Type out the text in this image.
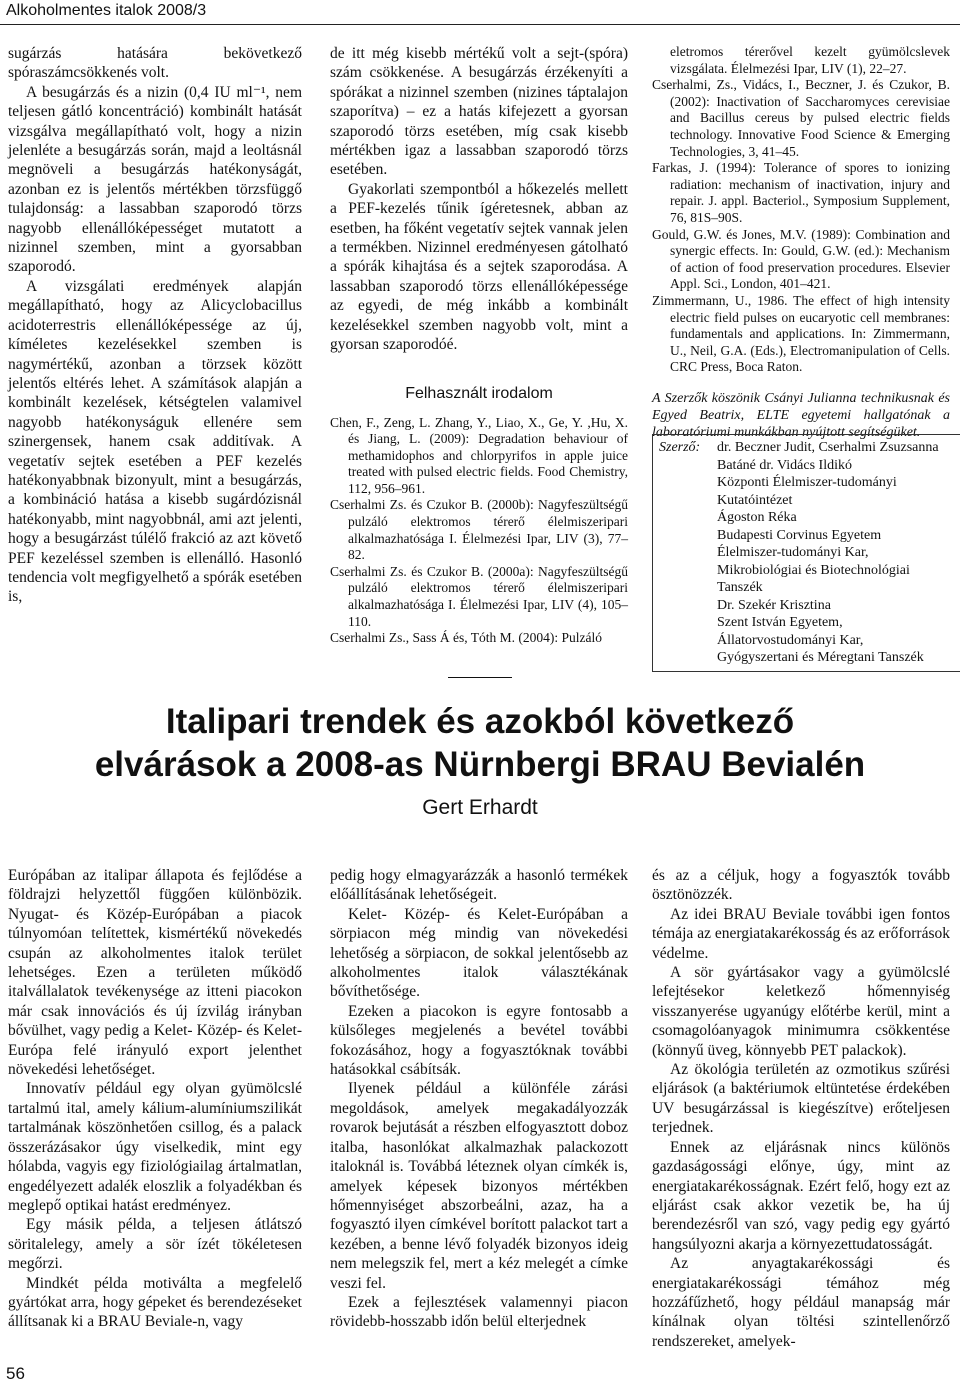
Alkoholmentes italok 2008/3

sugárzás hatására bekövetkező spóraszámcsökkenés volt.

A besugárzás és a nizin (0,4 IU ml⁻¹, nem teljesen gátló koncentráció) kombinált hatását vizsgálva megállapítható volt, hogy a nizin jelenléte a besugárzás során, majd a leoltásnál megnöveli a besugárzás hatékonyságát, azonban ez is jelentős mértékben törzsfüggő tulajdonság: a lassabban szaporodó törzs nagyobb ellenállóképességet mutatott a nizinnel szemben, mint a gyorsabban szaporodó.

A vizsgálati eredmények alapján megállapítható, hogy az Alicyclobacillus acidoterrestris ellenállóképessége az új, kíméletes kezelésekkel szemben is nagymértékű, azonban a törzsek között jelentős eltérés lehet. A számítások alapján a kombinált kezelések, kétségtelen valamivel nagyobb hatékonyságuk ellenére sem szinergensek, hanem csak additívak. A vegetatív sejtek esetében a PEF kezelés hatékonyabbnak bizonyult, mint a besugárzás, a kombináció hatása a kisebb sugárdózisnál hatékonyabb, mint nagyobbnál, ami azt jelenti, hogy a besugárzást túlélő frakció az azt követő PEF kezeléssel szemben is ellenálló. Hasonló tendencia volt megfigyelhető a spórák esetében is,

de itt még kisebb mértékű volt a sejt-(spóra) szám csökkenése. A besugárzás érzékenyíti a spórákat a nizinnel szemben (nizines táptalajon szaporítva) – ez a hatás kifejezett a gyorsan szaporodó törzs esetében, míg csak kisebb mértékben igaz a lassabban szaporodó törzs esetében.

Gyakorlati szempontból a hőkezelés mellett a PEF-kezelés tűnik ígéretesnek, abban az esetben, ha főként vegetatív sejtek vannak jelen a termékben. Nizinnel eredményesen gátolható a spórák kihajtása és a sejtek szaporodása. A lassabban szaporodó törzs ellenállóképessége az egyedi, de még inkább a kombinált kezelésekkel szemben nagyobb volt, mint a gyorsan szaporodóé.

Felhasznált irodalom

Chen, F., Zeng, L. Zhang, Y., Liao, X., Ge, Y. ,Hu, X. és Jiang, L. (2009): Degradation behaviour of methamidophos and chlorpyrifos in apple juice treated with pulsed electric fields. Food Chemistry, 112, 956–961.

Cserhalmi Zs. és Czukor B. (2000b): Nagyfeszültségű pulzáló elektromos térerő élelmiszeripari alkalmazhatósága I. Élelmezési Ipar, LIV (3), 77–82.

Cserhalmi Zs. és Czukor B. (2000a): Nagyfeszültségű pulzáló elektromos térerő élelmiszeripari alkalmazhatósága I. Élelmezési Ipar, LIV (4), 105–110.

Cserhalmi Zs., Sass Á és, Tóth M. (2004): Pulzáló

eletromos térerővel kezelt gyümölcslevek vizsgálata. Élelmezési Ipar, LIV (1), 22–27.

Cserhalmi, Zs., Vidács, I., Beczner, J. és Czukor, B. (2002): Inactivation of Saccharomyces cerevisiae and Bacillus cereus by pulsed electric fields technology. Innovative Food Science & Emerging Technologies, 3, 41–45.

Farkas, J. (1994): Tolerance of spores to ionizing radiation: mechanism of inactivation, injury and repair. J. appl. Bacteriol., Symposium Supplement, 76, 81S–90S.

Gould, G.W. és Jones, M.V. (1989): Combination and synergic effects. In: Gould, G.W. (ed.): Mechanism of action of food preservation procedures. Elsevier Appl. Sci., London, 401–421.

Zimmermann, U., 1986. The effect of high intensity electric field pulses on eucaryotic cell membranes: fundamentals and applications. In: Zimmermann, U., Neil, G.A. (Eds.), Electromanipulation of Cells. CRC Press, Boca Raton.

A Szerzők köszönik Csányi Julianna technikusnak és Egyed Beatrix, ELTE egyetemi hallgatónak a laboratóriumi munkákban nyújtott segítségüket.

Szerző: dr. Beczner Judit, Cserhalmi Zsuzsanna
Batáné dr. Vidács Ildikó
Központi Élelmiszer-tudományi Kutatóintézet
Ágoston Réka
Budapesti Corvinus Egyetem Élelmiszer-tudományi Kar, Mikrobiológiai és Biotechnológiai Tanszék
Dr. Szekér Krisztina
Szent István Egyetem, Állatorvostudományi Kar, Gyógyszertani és Méregtani Tanszék
Italipari trendek és azokból következő
elvárások a 2008-as Nürnbergi BRAU Bevialén
Gert Erhardt

Európában az italipar állapota és fejlődése a földrajzi helyzettől függően különbözik. Nyugat- és Közép-Európában a piacok túlnyomóan telítettek, kismértékű növekedés csupán az alkoholmentes italok terület lehetséges. Ezen a területen működő italvállalatok tevékenysége az itteni piacokon már csak innovációs és új ízvilág irányban bővülhet, vagy pedig a Kelet- Közép- és Kelet-Európa felé irányuló export jelenthet növekedési lehetőséget.

Innovatív például egy olyan gyümölcslé tartalmú ital, amely kálium-alumíniumszilikát tartalmának köszönhetően csillog, és a palack összerázásakor úgy viselkedik, mint egy hólabda, vagyis egy fiziológiailag ártalmatlan, engedélyezett adalék eloszlik a folyadékban és meglepő optikai hatást eredményez.

Egy másik példa, a teljesen átlátszó söritalelegy, amely a sör ízét tökéletesen megőrzi.

Mindkét példa motiválta a megfelelő gyártókat arra, hogy gépeket és berendezéseket állítsanak ki a BRAU Beviale-n, vagy

pedig hogy elmagyarázzák a hasonló termékek előállításának lehetőségeit.

Kelet- Közép- és Kelet-Európában a sörpiacon még mindig van növekedési lehetőség a sörpiacon, de sokkal jelentősebb az alkoholmentes italok választékának bővíthetősége.

Ezeken a piacokon is egyre fontosabb a külsőleges megjelenés a bevétel további fokozásához, hogy a fogyasztóknak további hatásokkal csábítsák.

Ilyenek például a különféle zárási megoldások, amelyek megakadályozzák rovarok bejutását a részben elfogyasztott doboz italba, hasonlókat alkalmazhak palackozott italoknál is. Továbbá léteznek olyan címkék is, amelyek képesek bizonyos mértékben hőmennyiséget abszorbeálni, azaz, ha a fogyasztó ilyen címkével borított palackot tart a kezében, a benne lévő folyadék bizonyos ideig nem melegszik fel, mert a kéz melegét a címke veszi fel.

Ezek a fejlesztések valamennyi piacon rövidebb-hosszabb időn belül elterjednek

és az a céljuk, hogy a fogyasztók tovább ösztönözzék.

Az idei BRAU Beviale további igen fontos témája az energiatakarékosság és az erőforrások védelme.

A sör gyártásakor vagy a gyümölcslé lefejtésekor keletkező hőmennyiség visszanyerése ugyanúgy előtérbe kerül, mint a csomagolóanyagok minimumra csökkentése (könnyű üveg, könnyebb PET palackok).

Az ökológia területén az ozmotikus szűrési eljárások (a baktériumok eltüntetése érdekében UV besugárzással is kiegészítve) erőteljesen terjednek.

Ennek az eljárásnak nincs különös gazdaságossági előnye, úgy, mint az energiatakarékosságnak. Ezért felő, hogy ezt az eljárást csak akkor vezetik be, ha új berendezésről van szó, vagy pedig egy gyártó hangsúlyozni akarja a környezettudatosságát.

Az anyagtakarékossági és energiatakarékossági témához még hozzáfűzhető, hogy például manapság már kínálnak olyan töltési szintellenőrző rendszereket, amelyek-

56
